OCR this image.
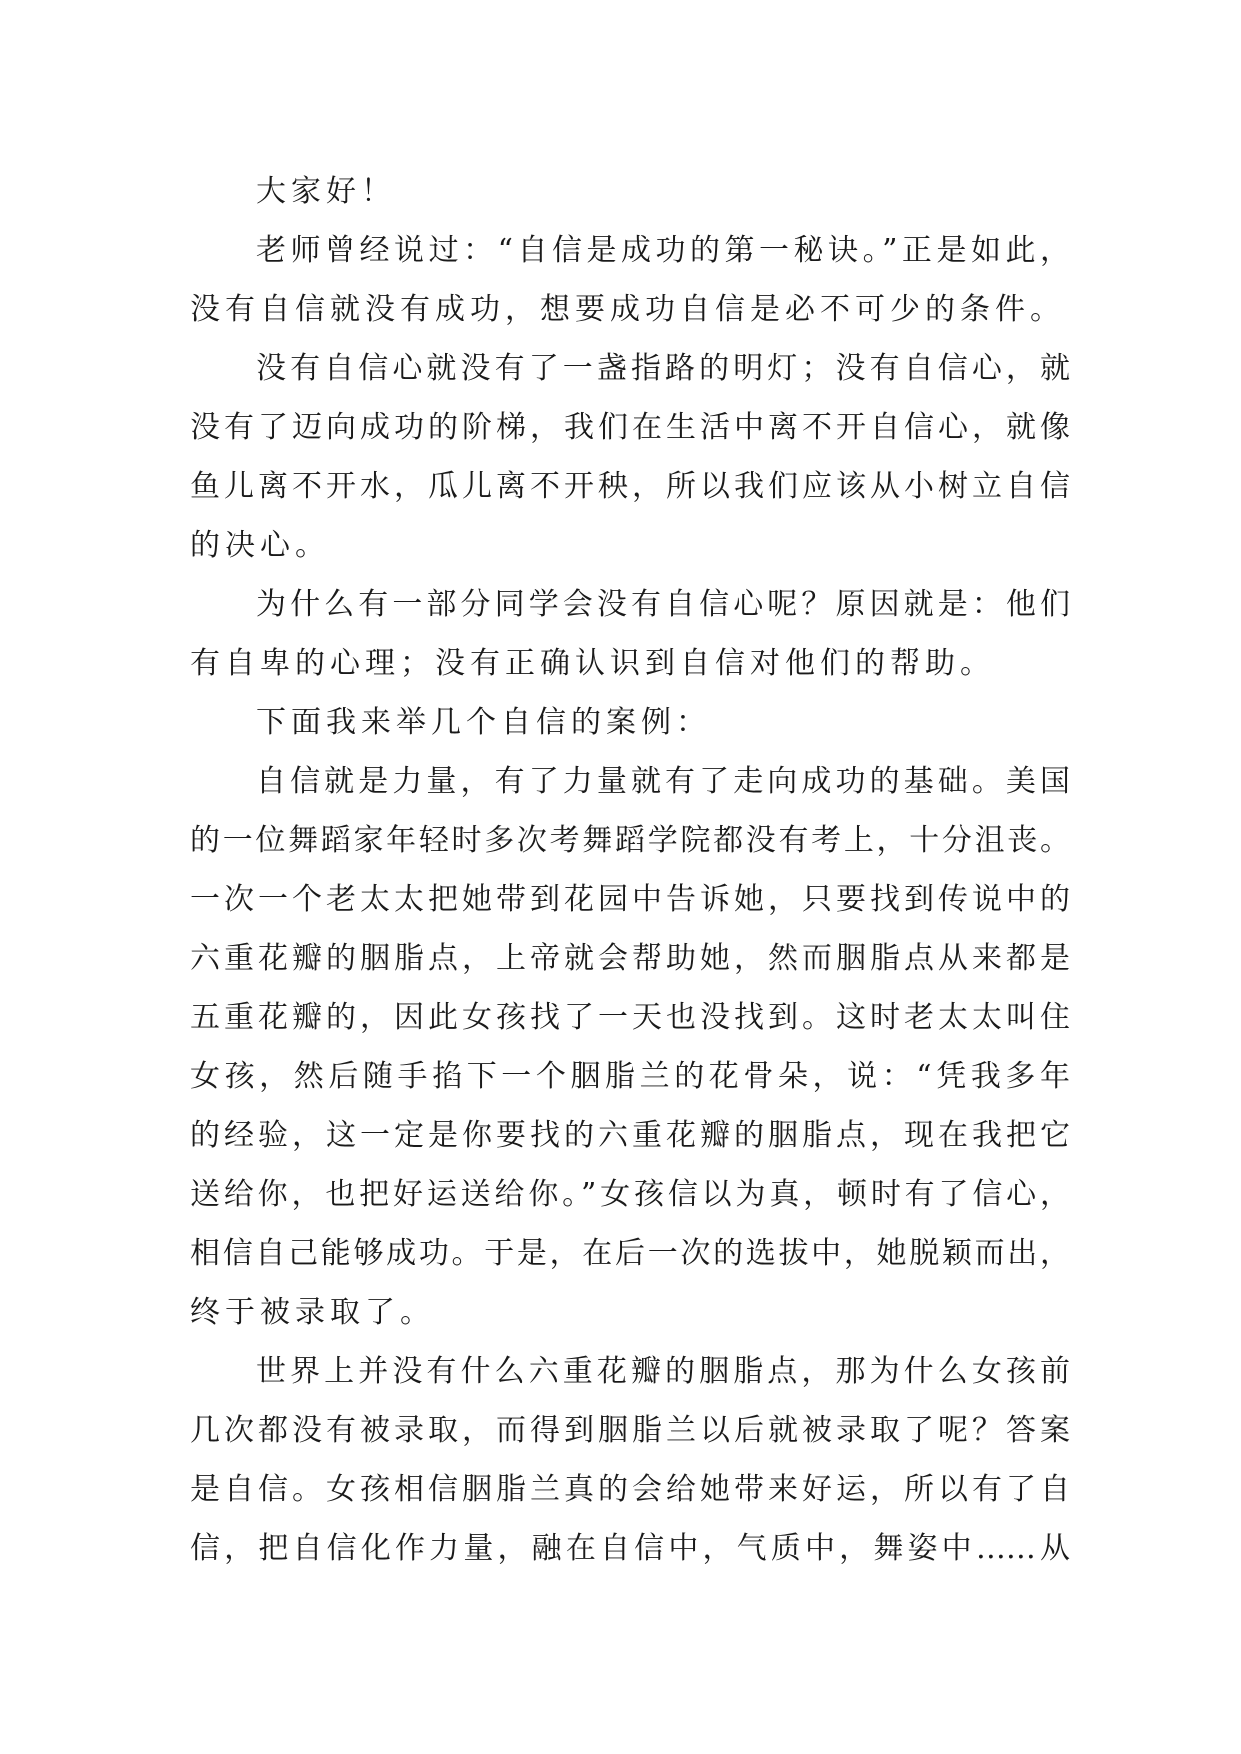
大家好！
老师曾经说过：“自信是成功的第一秘诀。”正是如此，
没有自信就没有成功，想要成功自信是必不可少的条件。
没有自信心就没有了一盏指路的明灯；没有自信心，就
没有了迈向成功的阶梯，我们在生活中离不开自信心，就像
鱼儿离不开水，瓜儿离不开秧，所以我们应该从小树立自信
的决心。
为什么有一部分同学会没有自信心呢？原因就是：他们
有自卑的心理；没有正确认识到自信对他们的帮助。
下面我来举几个自信的案例：
自信就是力量，有了力量就有了走向成功的基础。美国
的一位舞蹈家年轻时多次考舞蹈学院都没有考上，十分沮丧。
一次一个老太太把她带到花园中告诉她，只要找到传说中的
六重花瓣的胭脂点，上帝就会帮助她，然而胭脂点从来都是
五重花瓣的，因此女孩找了一天也没找到。这时老太太叫住
女孩，然后随手掐下一个胭脂兰的花骨朵，说：“凭我多年
的经验，这一定是你要找的六重花瓣的胭脂点，现在我把它
送给你，也把好运送给你。”女孩信以为真，顿时有了信心，
相信自己能够成功。于是，在后一次的选拔中，她脱颖而出，
终于被录取了。
世界上并没有什么六重花瓣的胭脂点，那为什么女孩前
几次都没有被录取，而得到胭脂兰以后就被录取了呢？答案
是自信。女孩相信胭脂兰真的会给她带来好运，所以有了自
信，把自信化作力量，融在自信中，气质中，舞姿中……从
